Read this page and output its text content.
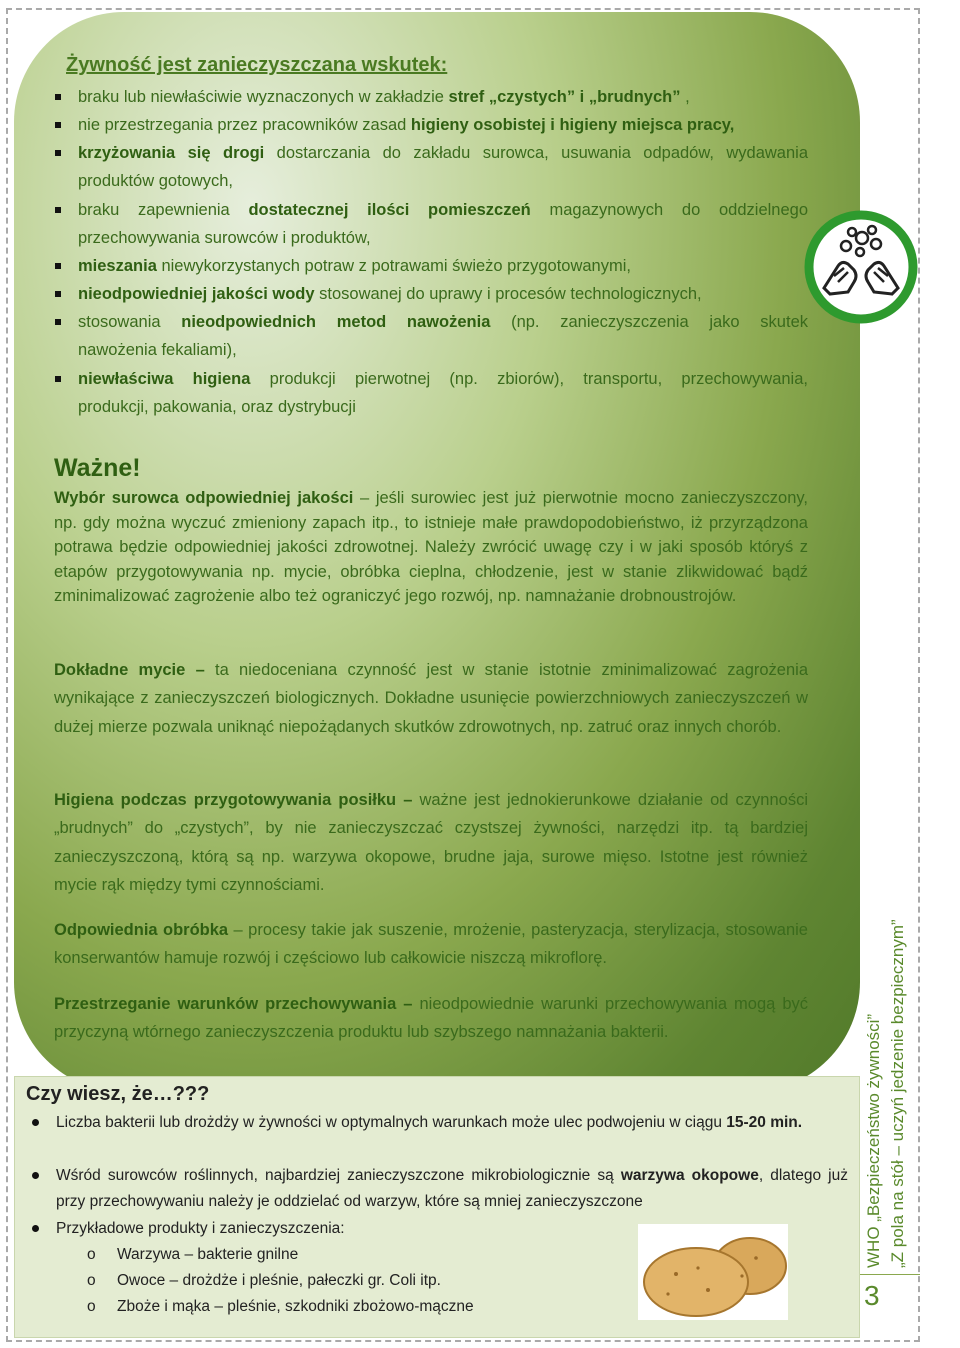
Żywność jest zanieczyszczana wskutek:
braku lub niewłaściwie wyznaczonych w zakładzie stref „czystych” i „brudnych” ,
nie przestrzegania przez pracowników zasad higieny osobistej i higieny miejsca pracy,
krzyżowania się drogi dostarczania do zakładu surowca, usuwania odpadów, wydawania
produktów gotowych,
braku zapewnienia dostatecznej ilości pomieszczeń magazynowych do oddzielnego
przechowywania surowców i produktów,
mieszania niewykorzystanych potraw z potrawami świeżo przygotowanymi,
nieodpowiedniej jakości wody stosowanej do uprawy i procesów technologicznych,
stosowania nieodpowiednich metod nawożenia (np. zanieczyszczenia jako skutek
nawożenia fekaliami),
niewłaściwa higiena produkcji pierwotnej (np. zbiorów), transportu, przechowywania,
produkcji, pakowania, oraz dystrybucji
Ważne!
Wybór surowca odpowiedniej jakości – jeśli surowiec jest już pierwotnie mocno zanieczyszczony, np. gdy można wyczuć zmieniony zapach itp., to istnieje małe prawdopodobieństwo, iż przyrządzona potrawa będzie odpowiedniej jakości zdrowotnej. Należy zwrócić uwagę czy i w jaki sposób któryś z etapów przygotowywania np. mycie, obróbka cieplna, chłodzenie, jest w stanie zlikwidować bądź zminimalizować zagrożenie albo też ograniczyć jego rozwój, np. namnażanie drobnoustrojów.
Dokładne mycie – ta niedoceniana czynność jest w stanie istotnie zminimalizować zagrożenia wynikające z zanieczyszczeń biologicznych. Dokładne usunięcie powierzchniowych zanieczyszczeń w dużej mierze pozwala uniknąć niepożądanych skutków zdrowotnych, np. zatruć oraz innych chorób.
Higiena podczas przygotowywania posiłku – ważne jest jednokierunkowe działanie od czynności „brudnych” do „czystych”, by nie zanieczyszczać czystszej żywności, narzędzi itp. tą bardziej zanieczyszczoną, którą są np. warzywa okopowe, brudne jaja, surowe mięso. Istotne jest również mycie rąk między tymi czynnościami.
Odpowiednia obróbka – procesy takie jak suszenie, mrożenie, pasteryzacja, sterylizacja, stosowanie konserwantów hamuje rozwój i częściowo lub całkowicie niszczą mikroflorę.
Przestrzeganie warunków przechowywania – nieodpowiednie warunki przechowywania mogą być przyczyną wtórnego zanieczyszczenia produktu lub szybszego namnażania bakterii.
Czy wiesz, że…???
Liczba bakterii lub drożdży w żywności w optymalnych warunkach może ulec podwojeniu w ciągu 15-20 min.
Wśród surowców roślinnych, najbardziej zanieczyszczone mikrobiologicznie są warzywa okopowe, dlatego już przy przechowywaniu należy je oddzielać od warzyw, które są mniej zanieczyszczone
Przykładowe produkty i zanieczyszczenia:
o Warzywa – bakterie gnilne
o Owoce – drożdże i pleśnie, pałeczki gr. Coli itp.
o Zboże i mąka – pleśnie, szkodniki zbożowo-mączne
WHO „Bezpieczeństwo żywności” „Z pola na stół – uczyń jedzenie bezpiecznym”
3
